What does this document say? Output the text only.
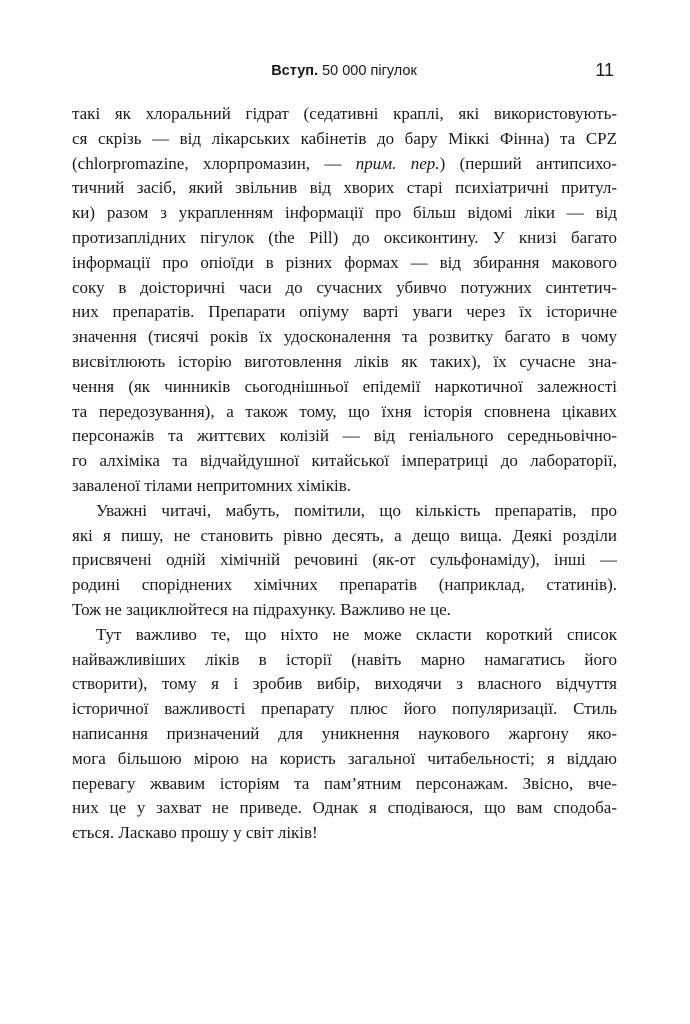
Вступ. 50 000 пігулок	11

такі як хлоральний гідрат (седативні краплі, які використовують-
ся скрізь — від лікарських кабінетів до бару Міккі Фінна) та CPZ
(chlorpromazine, хлорпромазин, — прим. пер.) (перший антипсихо-
тичний засіб, який звільнив від хворих старі психіатричні притул-
ки) разом з украпленням інформації про більш відомі ліки — від
протизаплідних пігулок (the Pill) до оксиконтину. У книзі багато
інформації про опіоїди в різних формах — від збирання макового
соку в доісторичні часи до сучасних убивчо потужних синтетич-
них препаратів. Препарати опіуму варті уваги через їх історичне
значення (тисячі років їх удосконалення та розвитку багато в чому
висвітлюють історію виготовлення ліків як таких), їх сучасне зна-
чення (як чинників сьогоднішньої епідемії наркотичної залежності
та передозування), а також тому, що їхня історія сповнена цікавих
персонажів та життєвих колізій — від геніального середньовічно-
го алхіміка та відчайдушної китайської імператриці до лабораторії,
заваленої тілами непритомних хіміків.

Уважні читачі, мабуть, помітили, що кількість препаратів, про
які я пишу, не становить рівно десять, а дещо вища. Деякі розділи
присвячені одній хімічній речовині (як-от сульфонаміду), інші —
родині споріднених хімічних препаратів (наприклад, статинів).
Тож не зациклюйтеся на підрахунку. Важливо не це.

Тут важливо те, що ніхто не може скласти короткий список
найважливіших ліків в історії (навіть марно намагатись його
створити), тому я і зробив вибір, виходячи з власного відчуття
історичної важливості препарату плюс його популяризації. Стиль
написання призначений для уникнення наукового жаргону яко-
мога більшою мірою на користь загальної читабельності; я віддаю
перевагу жвавим історіям та пам’ятним персонажам. Звісно, вче-
них це у захват не приведе. Однак я сподіваюся, що вам сподоба-
ється. Ласкаво прошу у світ ліків!
